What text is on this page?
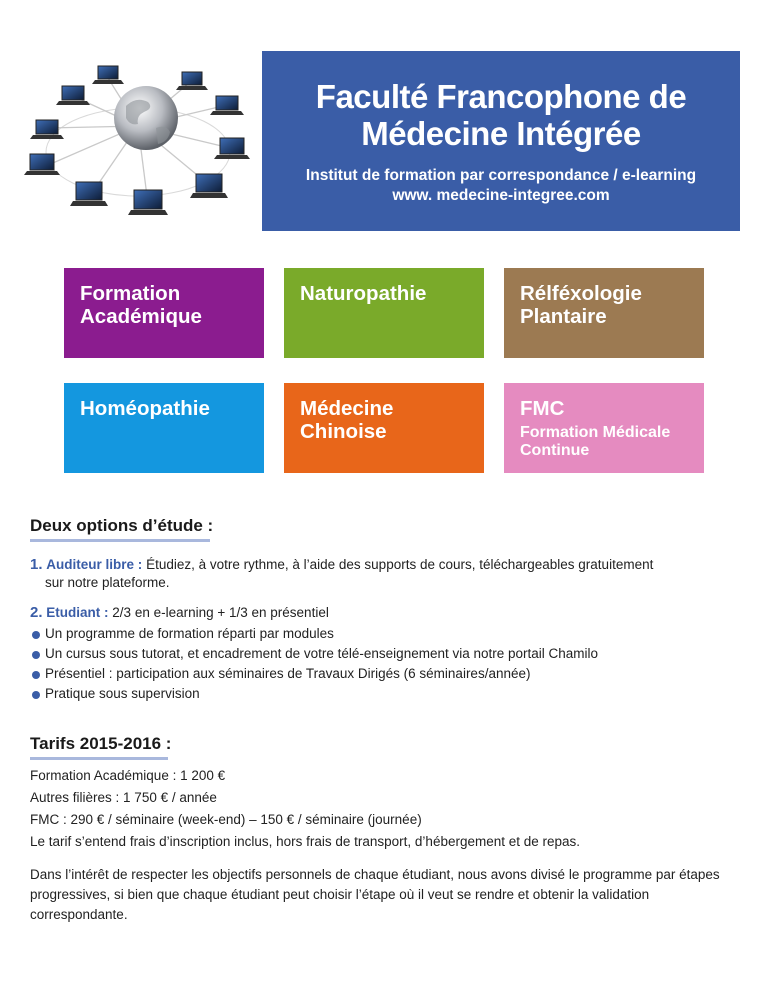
Faculté Francophone de
Médecine Intégrée
Institut de formation par correspondance / e-learning
www. medecine-integree.com
Formation
Académique
Naturopathie	Rélféxologie
Plantaire
Homéopathie	Médecine
Chinoise
FMC
Formation Médicale
Continue
Deux options d’étude :
1. Auditeur libre : Étudiez, à votre rythme, à l’aide des supports de cours, téléchargeables gratuitement
sur notre plateforme.
2. Etudiant : 2/3 en e-learning + 1/3 en présentiel
Un programme de formation réparti par modules
Un cursus sous tutorat, et encadrement de votre télé-enseignement via notre portail Chamilo
Présentiel : participation aux séminaires de Travaux Dirigés (6 séminaires/année)
Pratique sous supervision
Tarifs 2015-2016 :
Formation Académique : 1 200 €
Autres filières : 1 750 € / année
FMC : 290 € / séminaire (week-end) – 150 € / séminaire (journée)
Le tarif s’entend frais d’inscription inclus, hors frais de transport, d’hébergement et de repas.
Dans l’intérêt de respecter les objectifs personnels de chaque étudiant, nous avons divisé le programme par étapes
progressives, si bien que chaque étudiant peut choisir l’étape où il veut se rendre et obtenir la validation correspondante.
